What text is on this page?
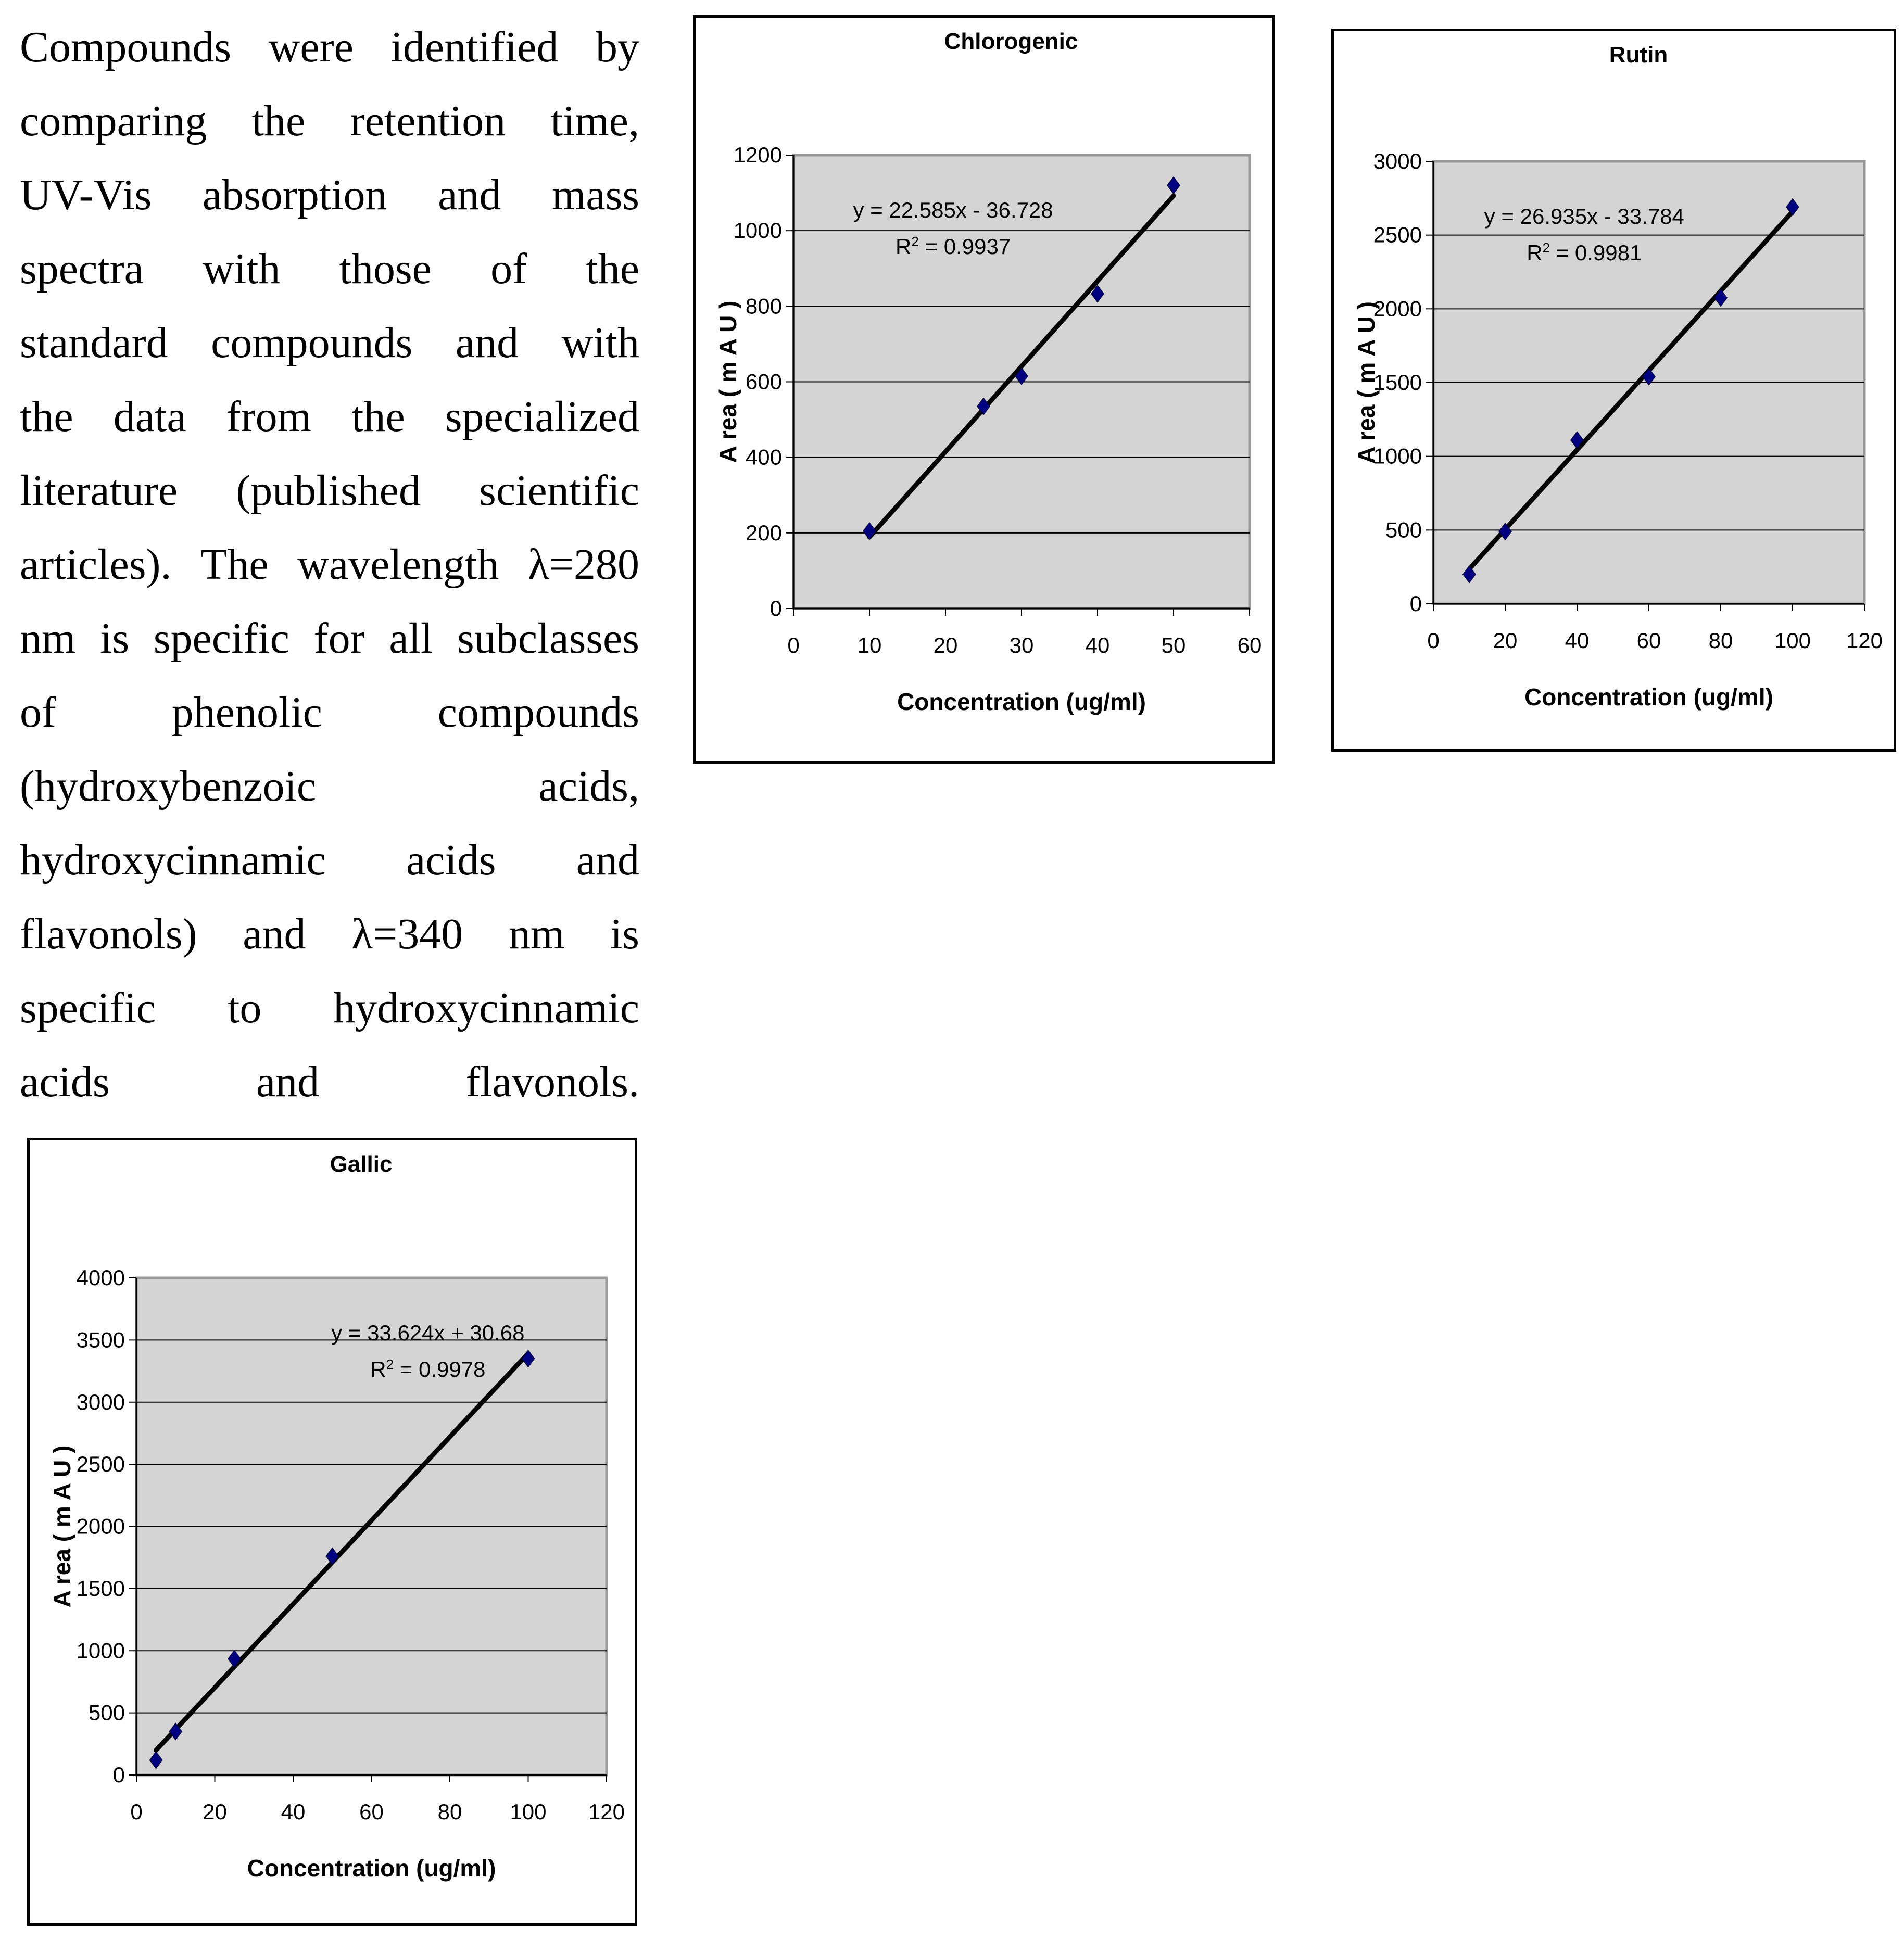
Compounds were identified by
comparing the retention time,
UV-Vis absorption and mass
spectra with those of the
standard compounds and with
the data from the specialized
literature (published scientific
articles). The wavelength λ=280
nm is specific for all subclasses
of	phenolic	compounds
(hydroxybenzoic	acids,
hydroxycinnamic acids and
flavonols) and λ=340 nm is
specific to hydroxycinnamic
acids	and	flavonols.
Chlorogenic
0
200
400
600
800
1000
1200
0	10 20 30 40 50 60
Concentration (ug/ml)
A rea ( m A U )
y = 22.585x - 36.728
$R^2 = 0.9937$
Rutin
0
500
1000
1500
2000
2500
3000
0 20 40 60 80 100 120
Concentration (ug/ml)
A rea ( m A U )
y = 26.935x - 33.784
$R^2 = 0.9981$
Gallic
0
500
1000
1500
2000
2500
3000
3500
4000
0	20 40 60 80 100 120
Concentration (ug/ml)
A rea ( m A U )
y = 33.624x + 30.68
$R^2 = 0.9978$
